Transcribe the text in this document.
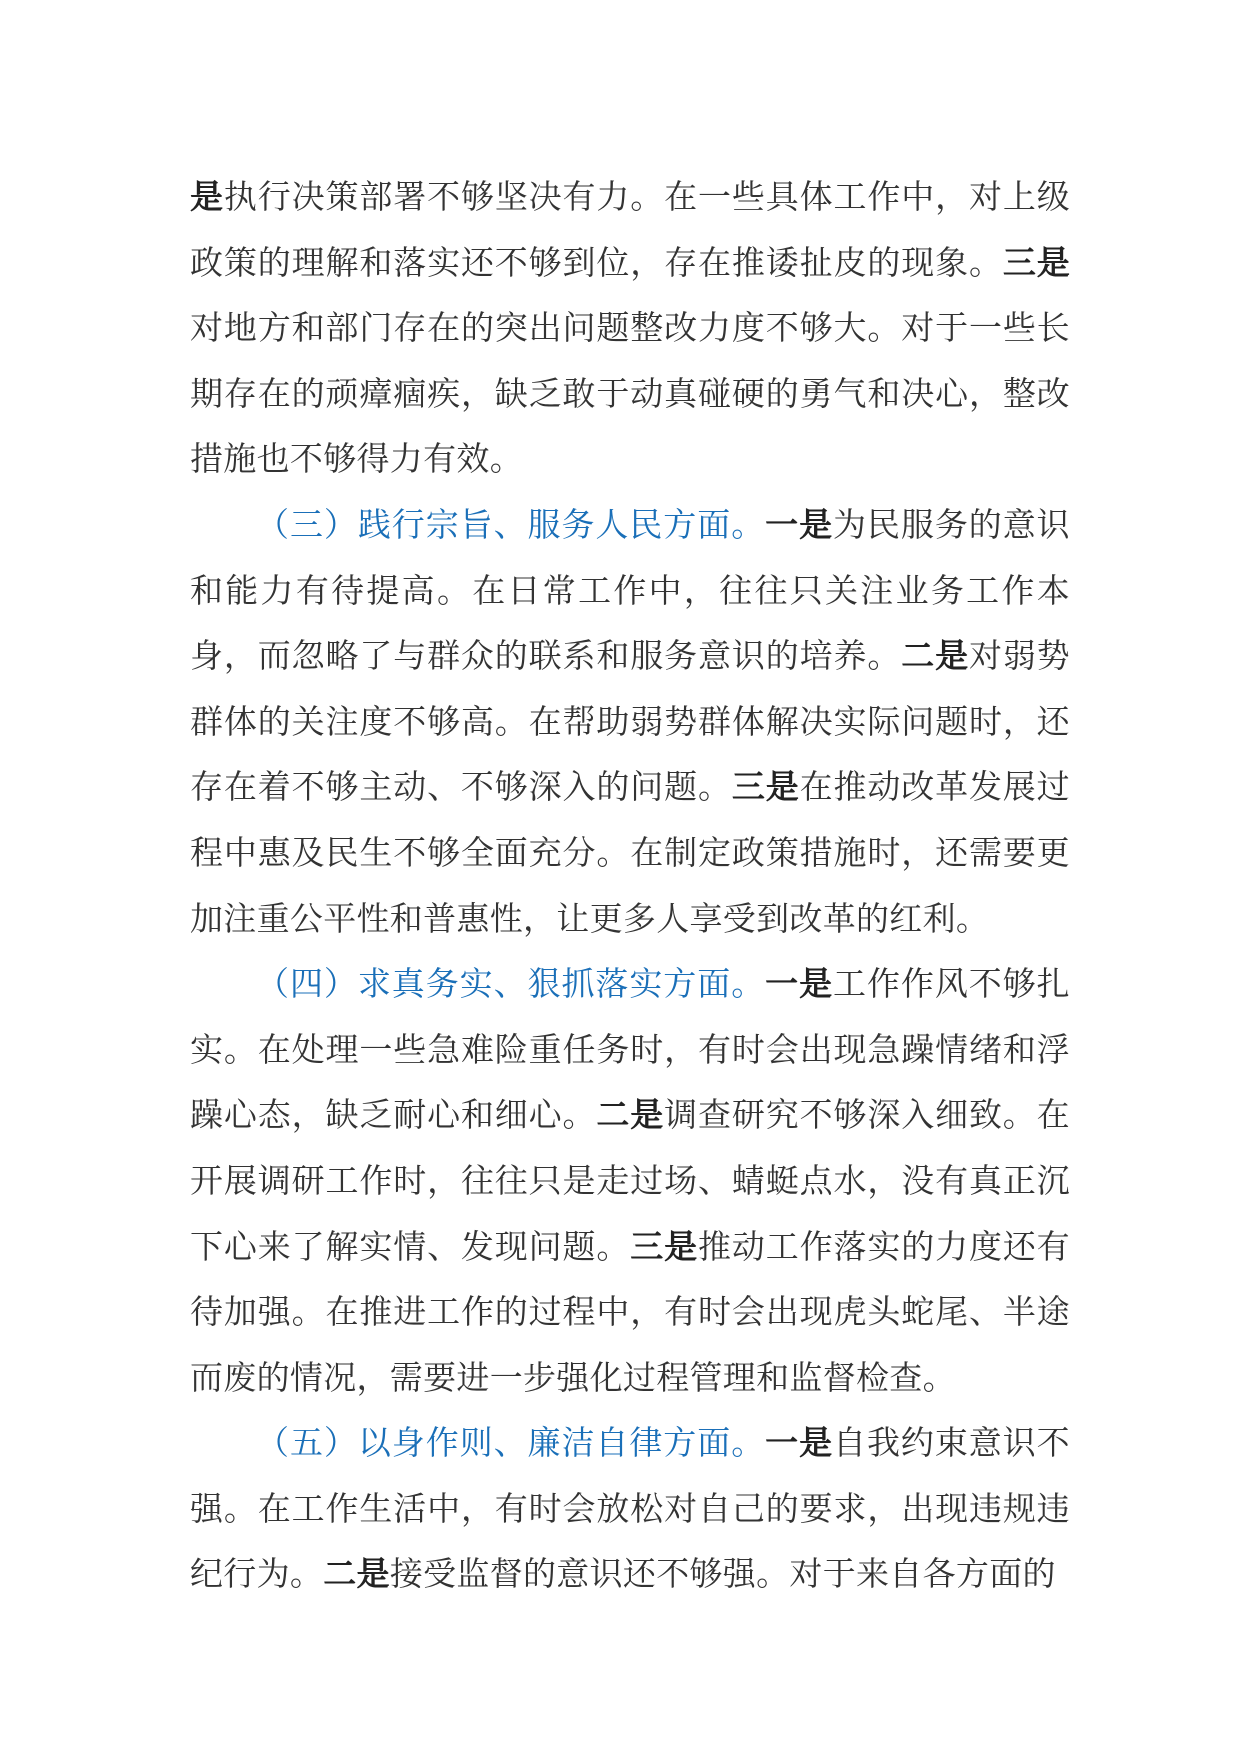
是执行决策部署不够坚决有力。在一些具体工作中，对上级政策的理解和落实还不够到位，存在推诿扯皮的现象。三是对地方和部门存在的突出问题整改力度不够大。对于一些长期存在的顽瘴痼疾，缺乏敢于动真碰硬的勇气和决心，整改措施也不够得力有效。

（三）践行宗旨、服务人民方面。一是为民服务的意识和能力有待提高。在日常工作中，往往只关注业务工作本身，而忽略了与群众的联系和服务意识的培养。二是对弱势群体的关注度不够高。在帮助弱势群体解决实际问题时，还存在着不够主动、不够深入的问题。三是在推动改革发展过程中惠及民生不够全面充分。在制定政策措施时，还需要更加注重公平性和普惠性，让更多人享受到改革的红利。

（四）求真务实、狠抓落实方面。一是工作作风不够扎实。在处理一些急难险重任务时，有时会出现急躁情绪和浮躁心态，缺乏耐心和细心。二是调查研究不够深入细致。在开展调研工作时，往往只是走过场、蜻蜓点水，没有真正沉下心来了解实情、发现问题。三是推动工作落实的力度还有待加强。在推进工作的过程中，有时会出现虎头蛇尾、半途而废的情况，需要进一步强化过程管理和监督检查。

（五）以身作则、廉洁自律方面。一是自我约束意识不强。在工作生活中，有时会放松对自己的要求，出现违规违纪行为。二是接受监督的意识还不够强。对于来自各方面的
